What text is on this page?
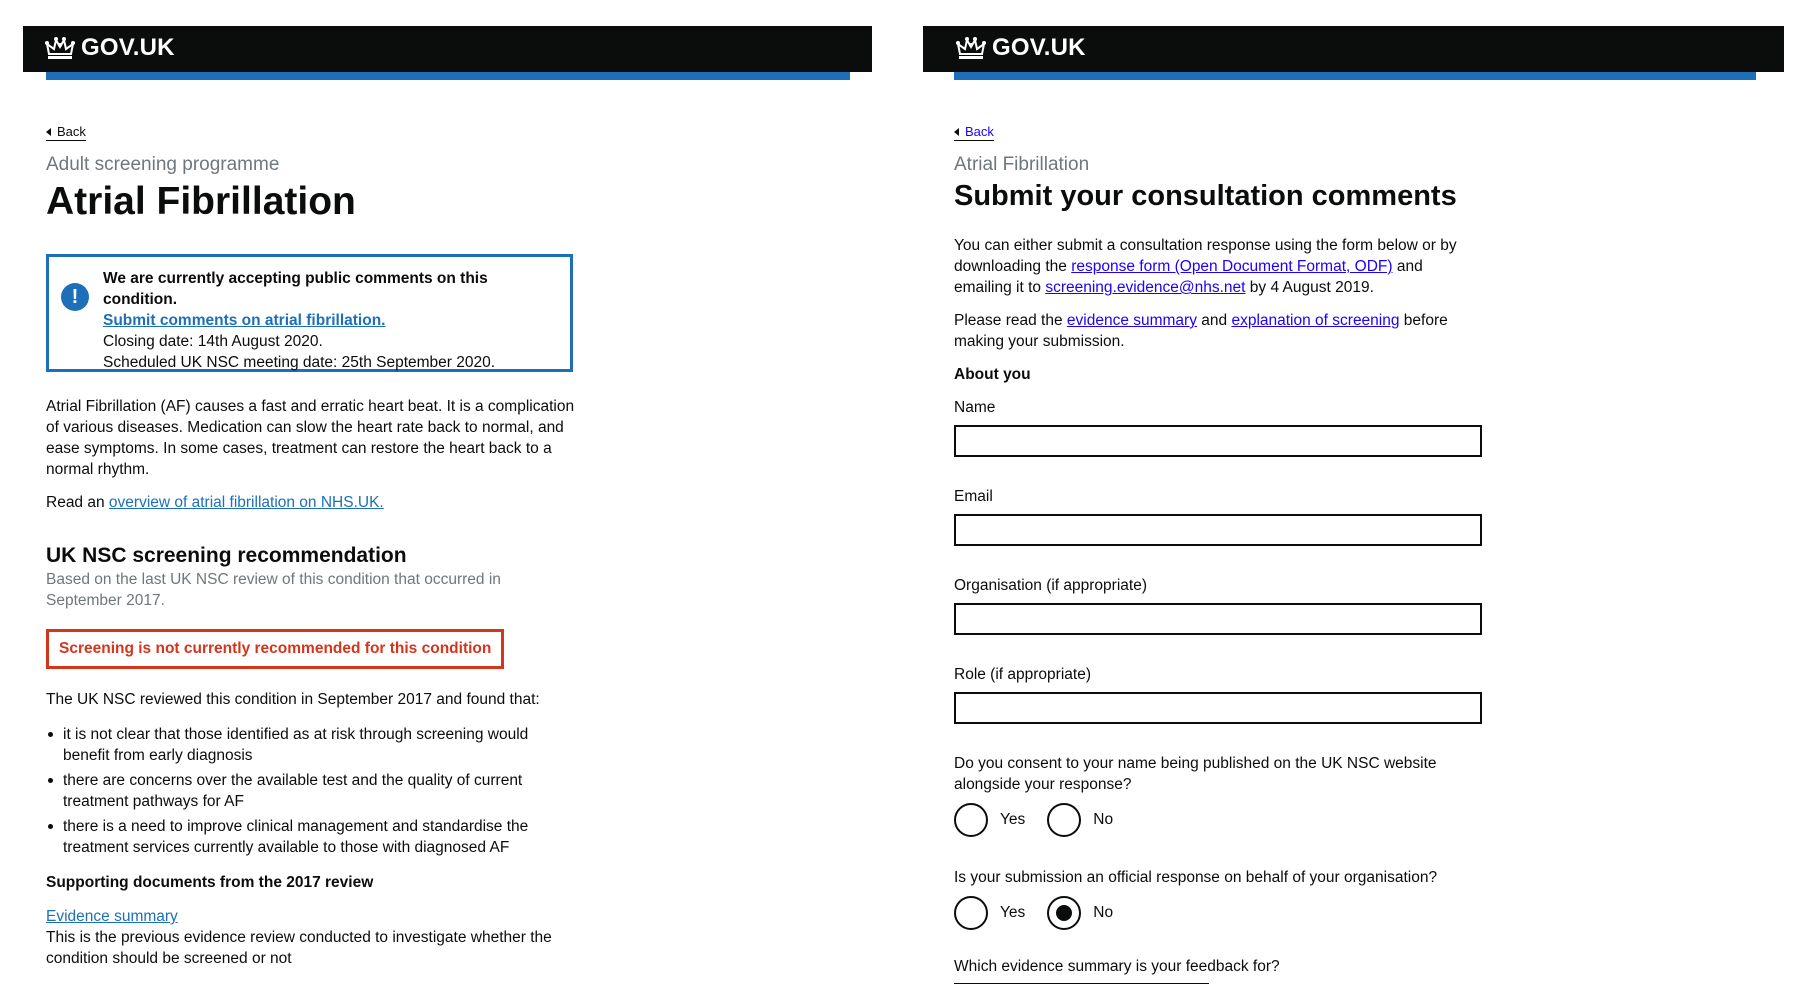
GOV.UK
Back
Adult screening programme
Atrial Fibrillation
!
We are currently accepting public comments on this condition.
Submit comments on atrial fibrillation.
Closing date: 14th August 2020.
Scheduled UK NSC meeting date: 25th September 2020.

Atrial Fibrillation (AF) causes a fast and erratic heart beat. It is a complication of various diseases. Medication can slow the heart rate back to normal, and ease symptoms. In some cases, treatment can restore the heart back to a normal rhythm.

Read an overview of atrial fibrillation on NHS.UK.

UK NSC screening recommendation
Based on the last UK NSC review of this condition that occurred in September 2017.
Screening is not currently recommended for this condition

The UK NSC reviewed this condition in September 2017 and found that:

it is not clear that those identified as at risk through screening would benefit from early diagnosis
there are concerns over the available test and the quality of current treatment pathways for AF
there is a need to improve clinical management and standardise the treatment services currently available to those with diagnosed AF

Supporting documents from the 2017 review

Evidence summary

This is the previous evidence review conducted to investigate whether the condition should be screened or not

GOV.UK
Back
Atrial Fibrillation
Submit your consultation comments

You can either submit a consultation response using the form below or by downloading the response form (Open Document Format, ODF) and emailing it to screening.evidence@nhs.net by 4 August 2019.

Please read the evidence summary and explanation of screening before making your submission.

About you

Name
Email
Organisation (if appropriate)
Role (if appropriate)
Do you consent to your name being published on the UK NSC website alongside your response?
Yes	No
Is your submission an official response on behalf of your organisation?
Yes	No
Which evidence summary is your feedback for?
